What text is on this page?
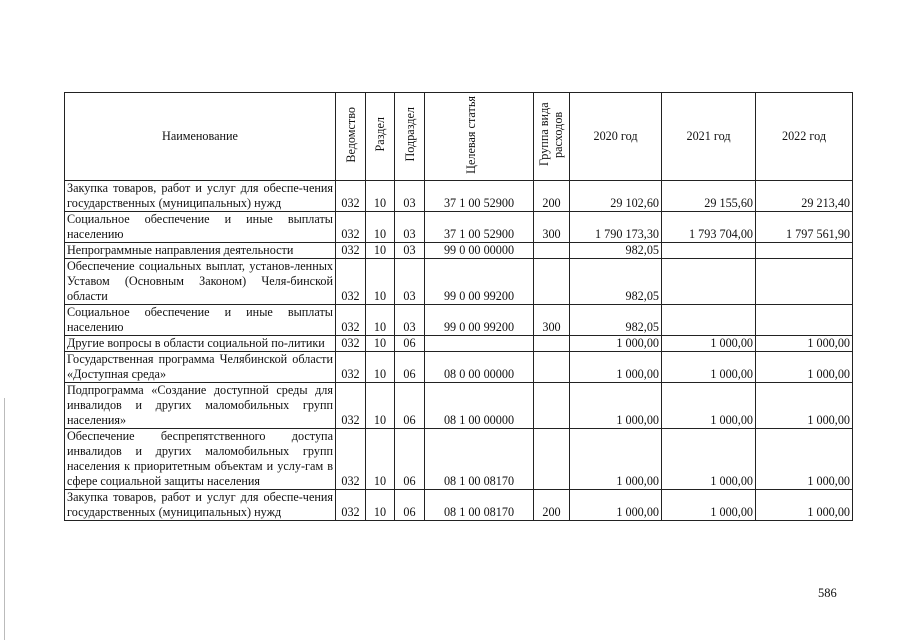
Наименование	Ведомство	Раздел	Подраздел	Целевая статья	Группа вида расходов	2020 год	2021 год	2022 год
Закупка товаров, работ и услуг для обеспе-чения государственных (муниципальных) нужд	032	10	03	37 1 00 52900	200	29 102,60	29 155,60	29 213,40
Социальное обеспечение и иные выплаты населению	032	10	03	37 1 00 52900	300	1 790 173,30	1 793 704,00	1 797 561,90
Непрограммные направления деятельности	032	10	03	99 0 00 00000		982,05		
Обеспечение социальных выплат, установ-ленных Уставом (Основным Законом) Челя-бинской области	032	10	03	99 0 00 99200		982,05		
Социальное обеспечение и иные выплаты населению	032	10	03	99 0 00 99200	300	982,05		
Другие вопросы в области социальной по-литики	032	10	06			1 000,00	1 000,00	1 000,00
Государственная программа Челябинской области «Доступная среда»	032	10	06	08 0 00 00000		1 000,00	1 000,00	1 000,00
Подпрограмма «Создание доступной среды для инвалидов и других маломобильных групп населения»	032	10	06	08 1 00 00000		1 000,00	1 000,00	1 000,00
Обеспечение беспрепятственного доступа инвалидов и других маломобильных групп населения к приоритетным объектам и услу-гам в сфере социальной защиты населения	032	10	06	08 1 00 08170		1 000,00	1 000,00	1 000,00
Закупка товаров, работ и услуг для обеспе-чения государственных (муниципальных) нужд	032	10	06	08 1 00 08170	200	1 000,00	1 000,00	1 000,00
586
